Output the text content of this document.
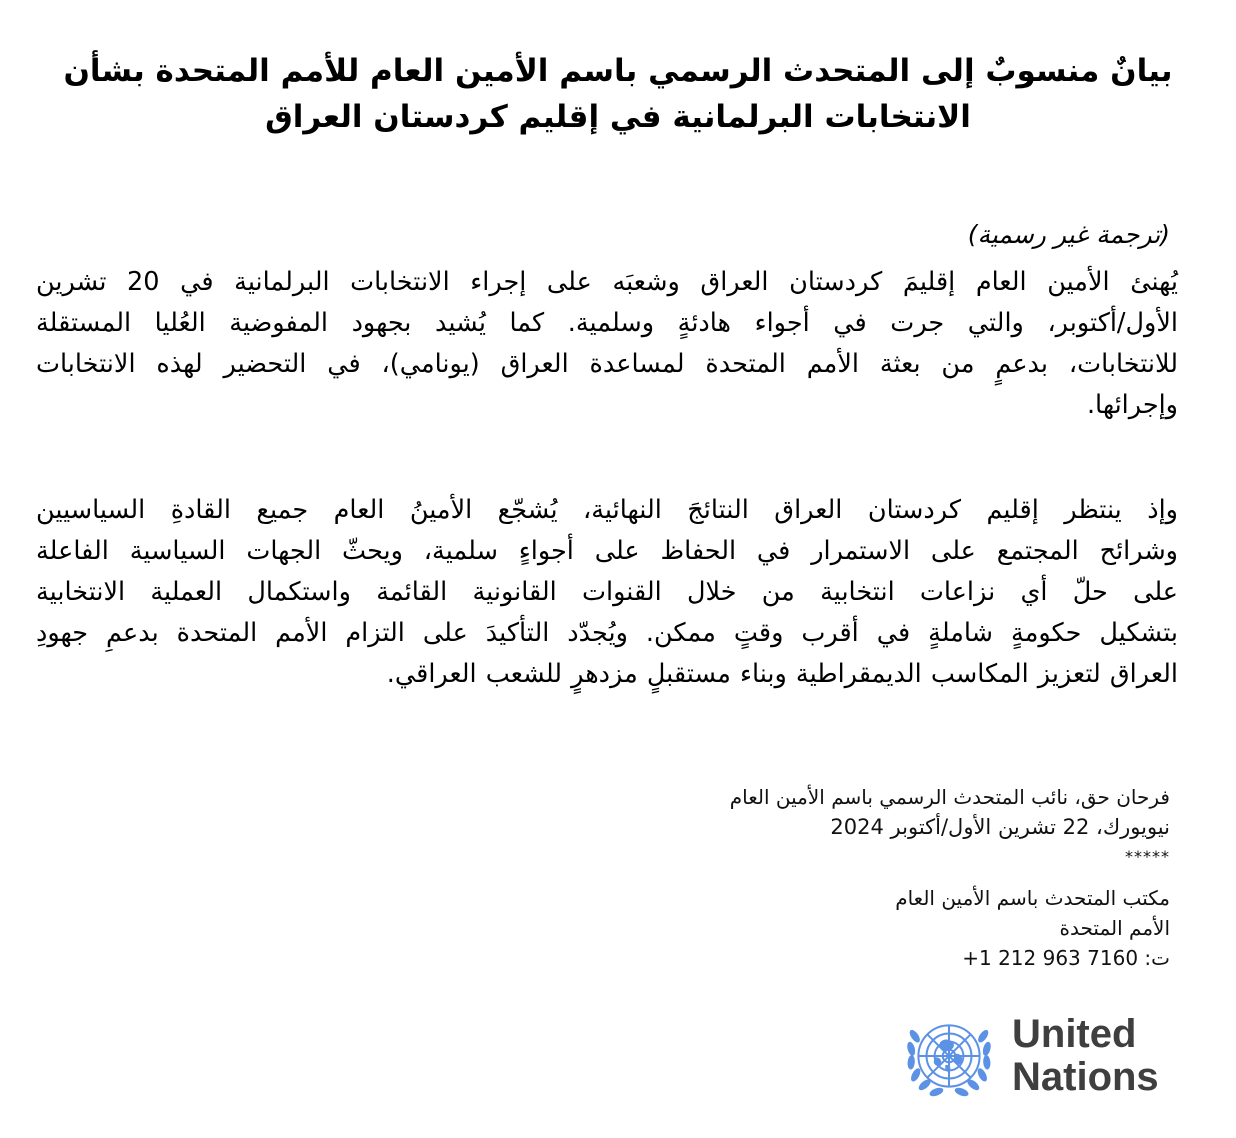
بيانٌ منسوبٌ إلى المتحدث الرسمي باسم الأمين العام للأمم المتحدة بشأن
الانتخابات البرلمانية في إقليم كردستان العراق
(ترجمة غير رسمية)
يُهنئ الأمين العام إقليمَ كردستان العراق وشعبَه على إجراء الانتخابات البرلمانية في 20 تشرين
الأول/أكتوبر، والتي جرت في أجواء هادئةٍ وسلمية. كما يُشيد بجهود المفوضية العُليا المستقلة
للانتخابات، بدعمٍ من بعثة الأمم المتحدة لمساعدة العراق (يونامي)، في التحضير لهذه الانتخابات
وإجرائها.
وإذ ينتظر إقليم كردستان العراق النتائجَ النهائية، يُشجّع الأمينُ العام جميع القادةِ السياسيين
وشرائح المجتمع على الاستمرار في الحفاظ على أجواءٍ سلمية، ويحثّ الجهات السياسية الفاعلة
على حلّ أي نزاعات انتخابية من خلال القنوات القانونية القائمة واستكمال العملية الانتخابية
بتشكيل حكومةٍ شاملةٍ في أقرب وقتٍ ممكن. ويُجدّد التأكيدَ على التزام الأمم المتحدة بدعمِ جهودِ
العراق لتعزيز المكاسب الديمقراطية وبناء مستقبلٍ مزدهرٍ للشعب العراقي.
فرحان حق، نائب المتحدث الرسمي باسم الأمين العام
نيويورك، 22 تشرين الأول/أكتوبر 2024
*****
مكتب المتحدث باسم الأمين العام
الأمم المتحدة
ت: 7160 963 212 1+
United
Nations
